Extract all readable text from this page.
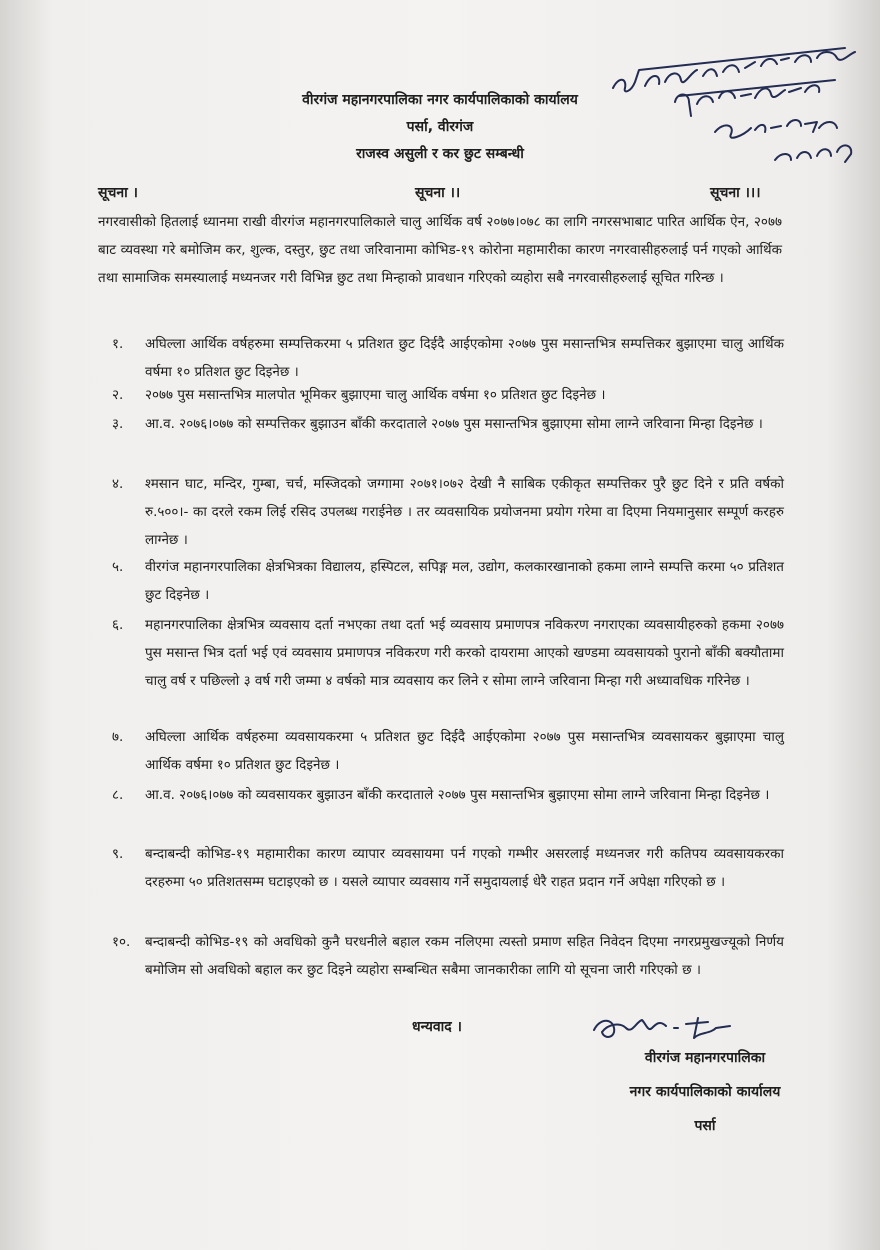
वीरगंज महानगरपालिका नगर कार्यपालिकाको कार्यालय
पर्सा, वीरगंज
राजस्व असुली र कर छुट सम्बन्धी
सूचना ।	सूचना ।।	सूचना ।।।
नगरवासीको हितलाई ध्यानमा राखी वीरगंज महानगरपालिकाले चालु आर्थिक वर्ष २०७७।०७८ का लागि नगरसभाबाट पारित आर्थिक ऐन, २०७७ बाट व्यवस्था गरे बमोजिम कर, शुल्क, दस्तुर, छुट तथा जरिवानामा कोभिड-१९ कोरोना महामारीका कारण नगरवासीहरुलाई पर्न गएको आर्थिक तथा सामाजिक समस्यालाई मध्यनजर गरी विभिन्न छुट तथा मिन्हाको प्रावधान गरिएको व्यहोरा सबै नगरवासीहरुलाई सूचित गरिन्छ ।
१.	अघिल्ला आर्थिक वर्षहरुमा सम्पत्तिकरमा ५ प्रतिशत छुट दिईदै आईएकोमा २०७७ पुस मसान्तभित्र सम्पत्तिकर बुझाएमा चालु आर्थिक वर्षमा १० प्रतिशत छुट दिइनेछ ।
२.	२०७७ पुस मसान्तभित्र मालपोत भूमिकर बुझाएमा चालु आर्थिक वर्षमा १० प्रतिशत छुट दिइनेछ ।
३.	आ.व. २०७६।०७७ को सम्पत्तिकर बुझाउन बाँकी करदाताले २०७७ पुस मसान्तभित्र बुझाएमा सोमा लाग्ने जरिवाना मिन्हा दिइनेछ ।
४.	श्मसान घाट, मन्दिर, गुम्बा, चर्च, मस्जिदको जग्गामा २०७१।०७२ देखी नै साबिक एकीकृत सम्पत्तिकर पुरै छुट दिने र प्रति वर्षको रु.५००।- का दरले रकम लिई रसिद उपलब्ध गराईनेछ । तर व्यवसायिक प्रयोजनमा प्रयोग गरेमा वा दिएमा नियमानुसार सम्पूर्ण करहरु लाग्नेछ ।
५.	वीरगंज महानगरपालिका क्षेत्रभित्रका विद्यालय, हस्पिटल, सपिङ्ग मल, उद्योग, कलकारखानाको हकमा लाग्ने सम्पत्ति करमा ५० प्रतिशत छुट दिइनेछ ।
६.	महानगरपालिका क्षेत्रभित्र व्यवसाय दर्ता नभएका तथा दर्ता भई व्यवसाय प्रमाणपत्र नविकरण नगराएका व्यवसायीहरुको हकमा २०७७ पुस मसान्त भित्र दर्ता भई एवं व्यवसाय प्रमाणपत्र नविकरण गरी करको दायरामा आएको खण्डमा व्यवसायको पुरानो बाँकी बक्यौतामा चालु वर्ष र पछिल्लो ३ वर्ष गरी जम्मा ४ वर्षको मात्र व्यवसाय कर लिने र सोमा लाग्ने जरिवाना मिन्हा गरी अध्यावधिक गरिनेछ ।
७.	अघिल्ला आर्थिक वर्षहरुमा व्यवसायकरमा ५ प्रतिशत छुट दिईदै आईएकोमा २०७७ पुस मसान्तभित्र व्यवसायकर बुझाएमा चालु आर्थिक वर्षमा १० प्रतिशत छुट दिइनेछ ।
८.	आ.व. २०७६।०७७ को व्यवसायकर बुझाउन बाँकी करदाताले २०७७ पुस मसान्तभित्र बुझाएमा सोमा लाग्ने जरिवाना मिन्हा दिइनेछ ।
९.	बन्दाबन्दी कोभिड-१९ महामारीका कारण व्यापार व्यवसायमा पर्न गएको गम्भीर असरलाई मध्यनजर गरी कतिपय व्यवसायकरका दरहरुमा ५० प्रतिशतसम्म घटाइएको छ । यसले व्यापार व्यवसाय गर्ने समुदायलाई धेरै राहत प्रदान गर्ने अपेक्षा गरिएको छ ।
१०.	बन्दाबन्दी कोभिड-१९ को अवधिको कुनै घरधनीले बहाल रकम नलिएमा त्यस्तो प्रमाण सहित निवेदन दिएमा नगरप्रमुखज्यूको निर्णय बमोजिम सो अवधिको बहाल कर छुट दिइने व्यहोरा सम्बन्धित सबैमा जानकारीका लागि यो सूचना जारी गरिएको छ ।
धन्यवाद ।
वीरगंज महानगरपालिका
नगर कार्यपालिकाको कार्यालय
पर्सा
